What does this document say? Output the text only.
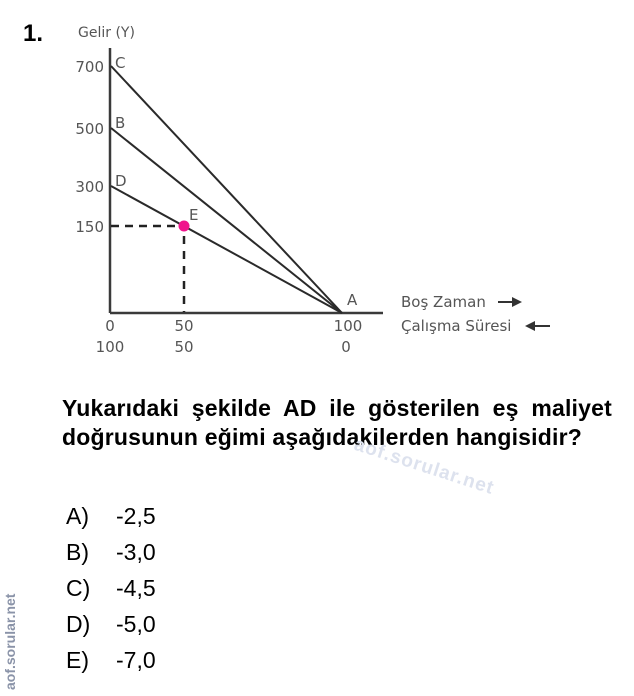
1. Gelir (Y)
700
500
300
150
C
B
D
E
A
0	50	100
100	50	0
Boş Zaman
Çalışma Süresi
Yukarıdaki şekilde AD ile gösterilen eş maliyet doğrusunun eğimi aşağıdakilerden hangisidir?
aof.sorular.net
A)	-2,5
B)	-3,0
C)	-4,5
D)	-5,0
E)	-7,0
aof.sorular.net
